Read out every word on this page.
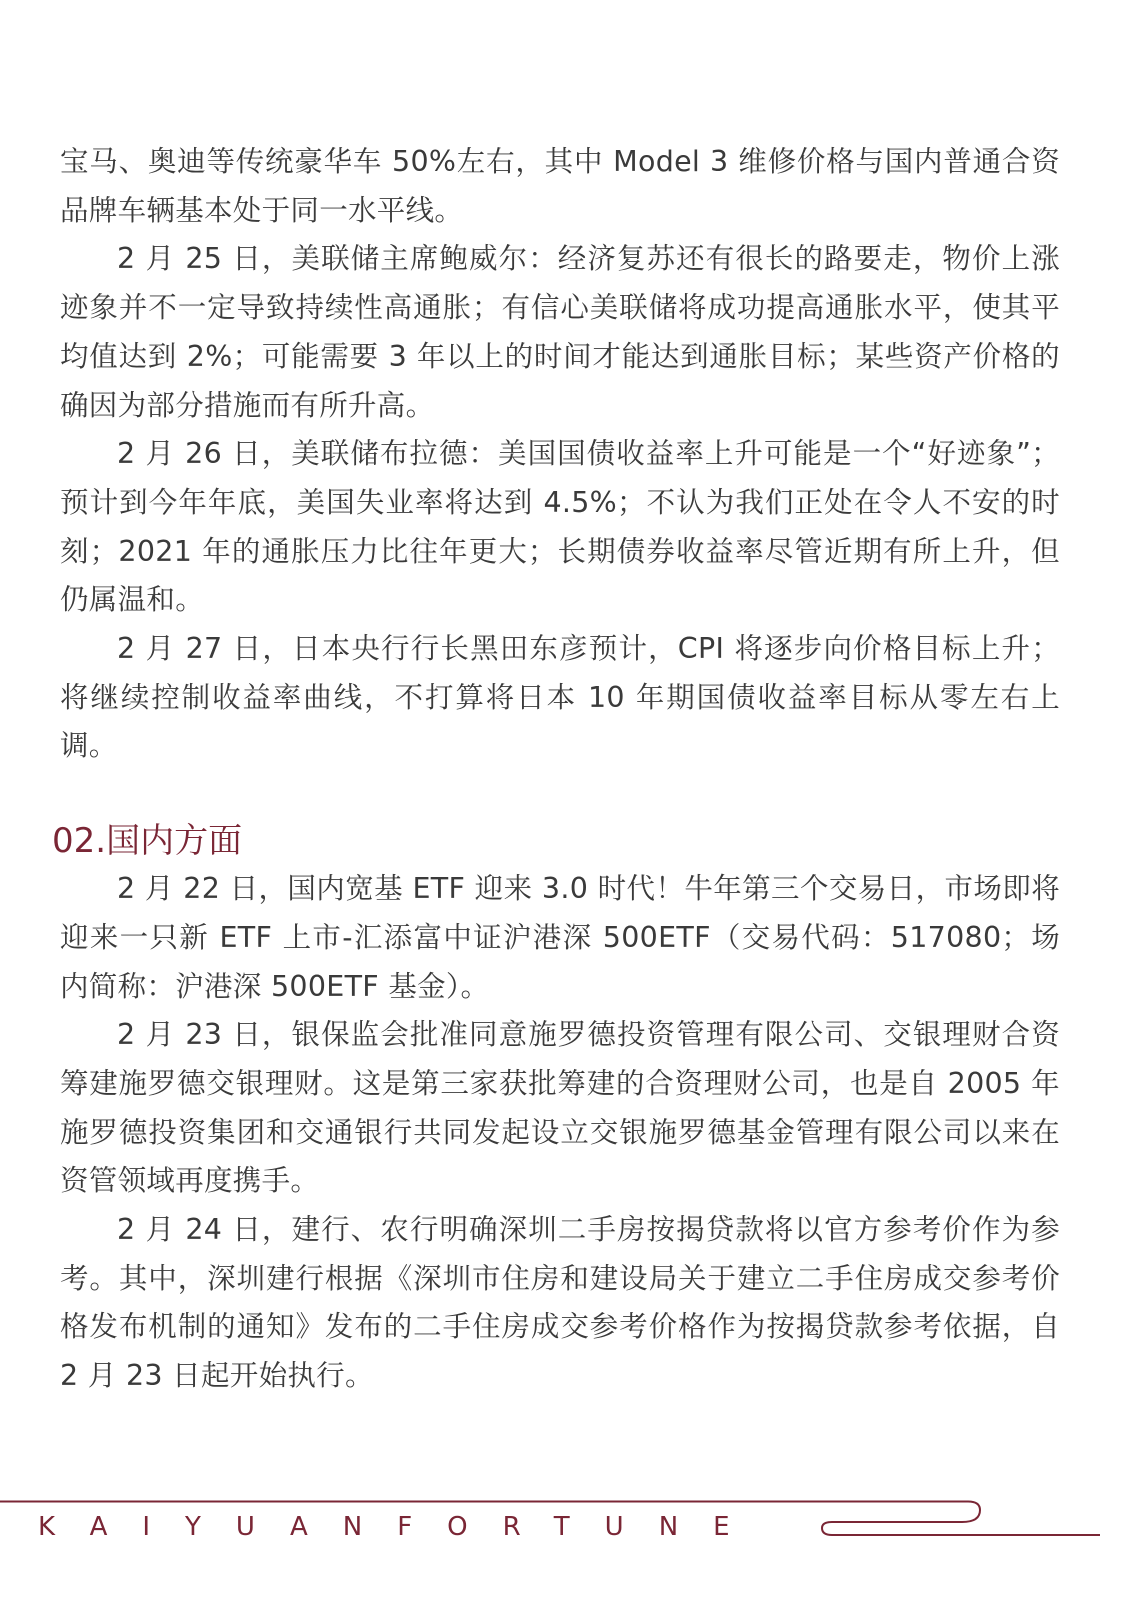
宝马、奥迪等传统豪华车 50%左右，其中 Model 3 维修价格与国内普通合资品牌车辆基本处于同一水平线。

2 月 25 日，美联储主席鲍威尔：经济复苏还有很长的路要走，物价上涨迹象并不一定导致持续性高通胀；有信心美联储将成功提高通胀水平，使其平均值达到 2%；可能需要 3 年以上的时间才能达到通胀目标；某些资产价格的确因为部分措施而有所升高。

2 月 26 日，美联储布拉德：美国国债收益率上升可能是一个“好迹象”；预计到今年年底，美国失业率将达到 4.5%；不认为我们正处在令人不安的时刻；2021 年的通胀压力比往年更大；长期债券收益率尽管近期有所上升，但仍属温和。

2 月 27 日，日本央行行长黑田东彦预计，CPI 将逐步向价格目标上升；将继续控制收益率曲线，不打算将日本 10 年期国债收益率目标从零左右上调。

02.国内方面

2 月 22 日，国内宽基 ETF 迎来 3.0 时代！牛年第三个交易日，市场即将迎来一只新 ETF 上市-汇添富中证沪港深 500ETF（交易代码：517080；场内简称：沪港深 500ETF 基金）。

2 月 23 日，银保监会批准同意施罗德投资管理有限公司、交银理财合资筹建施罗德交银理财。这是第三家获批筹建的合资理财公司，也是自 2005 年施罗德投资集团和交通银行共同发起设立交银施罗德基金管理有限公司以来在资管领域再度携手。

2 月 24 日，建行、农行明确深圳二手房按揭贷款将以官方参考价作为参考。其中，深圳建行根据《深圳市住房和建设局关于建立二手住房成交参考价格发布机制的通知》发布的二手住房成交参考价格作为按揭贷款参考依据，自 2 月 23 日起开始执行。

KAIYUANFORTUNE
